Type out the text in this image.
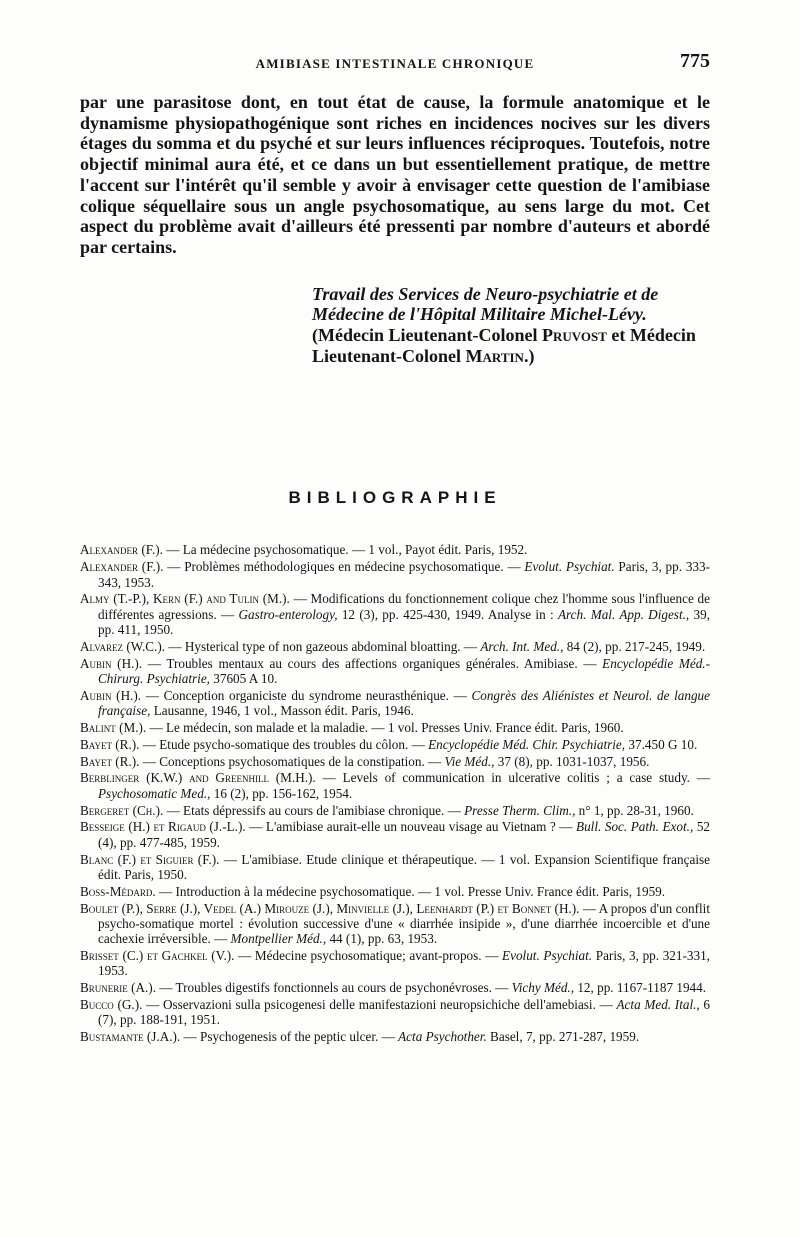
AMIBIASE INTESTINALE CHRONIQUE	775

par une parasitose dont, en tout état de cause, la formule anatomique et le dynamisme physiopathogénique sont riches en incidences nocives sur les divers étages du somma et du psyché et sur leurs influences réciproques. Toutefois, notre objectif minimal aura été, et ce dans un but essentiellement pratique, de mettre l'accent sur l'intérêt qu'il semble y avoir à envisager cette question de l'amibiase colique séquellaire sous un angle psychosomatique, au sens large du mot. Cet aspect du problème avait d'ailleurs été pressenti par nombre d'auteurs et abordé par certains.

Travail des Services de Neuro-psychiatrie et de Médecine de l'Hôpital Militaire Michel-Lévy. (Médecin Lieutenant-Colonel Pruvost et Médecin Lieutenant-Colonel Martin.)

BIBLIOGRAPHIE
Alexander (F.). — La médecine psychosomatique. — 1 vol., Payot édit. Paris, 1952.
Alexander (F.). — Problèmes méthodologiques en médecine psychosomatique. — Evolut. Psychiat. Paris, 3, pp. 333-343, 1953.
Almy (T.-P.), Kern (F.) and Tulin (M.). — Modifications du fonctionnement colique chez l'homme sous l'influence de différentes agressions. — Gastro-enterology, 12 (3), pp. 425-430, 1949. Analyse in : Arch. Mal. App. Digest., 39, pp. 411, 1950.
Alvarez (W.C.). — Hysterical type of non gazeous abdominal bloatting. — Arch. Int. Med., 84 (2), pp. 217-245, 1949.
Aubin (H.). — Troubles mentaux au cours des affections organiques générales. Amibiase. — Encyclopédie Méd.-Chirurg. Psychiatrie, 37605 A 10.
Aubin (H.). — Conception organiciste du syndrome neurasthénique. — Congrès des Aliénistes et Neurol. de langue française, Lausanne, 1946, 1 vol., Masson édit. Paris, 1946.
Balint (M.). — Le médecin, son malade et la maladie. — 1 vol. Presses Univ. France édit. Paris, 1960.
Bayet (R.). — Etude psycho-somatique des troubles du côlon. — Encyclopédie Méd. Chir. Psychiatrie, 37.450 G 10.
Bayet (R.). — Conceptions psychosomatiques de la constipation. — Vie Méd., 37 (8), pp. 1031-1037, 1956.
Berblinger (K.W.) and Greenhill (M.H.). — Levels of communication in ulcerative colitis ; a case study. — Psychosomatic Med., 16 (2), pp. 156-162, 1954.
Bergeret (Ch.). — Etats dépressifs au cours de l'amibiase chronique. — Presse Therm. Clim., n° 1, pp. 28-31, 1960.
Besseige (H.) et Rigaud (J.-L.). — L'amibiase aurait-elle un nouveau visage au Vietnam ? — Bull. Soc. Path. Exot., 52 (4), pp. 477-485, 1959.
Blanc (F.) et Siguier (F.). — L'amibiase. Etude clinique et thérapeutique. — 1 vol. Expansion Scientifique française édit. Paris, 1950.
Boss-Médard. — Introduction à la médecine psychosomatique. — 1 vol. Presse Univ. France édit. Paris, 1959.
Boulet (P.), Serre (J.), Vedel (A.) Mirouze (J.), Minvielle (J.), Leenhardt (P.) et Bonnet (H.). — A propos d'un conflit psycho-somatique mortel : évolution successive d'une « diarrhée insipide », d'une diarrhée incoercible et d'une cachexie irréversible. — Montpellier Méd., 44 (1), pp. 63, 1953.
Brisset (C.) et Gachkel (V.). — Médecine psychosomatique; avant-propos. — Evolut. Psychiat. Paris, 3, pp. 321-331, 1953.
Brunerie (A.). — Troubles digestifs fonctionnels au cours de psychonévroses. — Vichy Méd., 12, pp. 1167-1187 1944.
Bucco (G.). — Osservazioni sulla psicogenesi delle manifestazioni neuropsichiche dell'amebiasi. — Acta Med. Ital., 6 (7), pp. 188-191, 1951.
Bustamante (J.A.). — Psychogenesis of the peptic ulcer. — Acta Psychother. Basel, 7, pp. 271-287, 1959.
